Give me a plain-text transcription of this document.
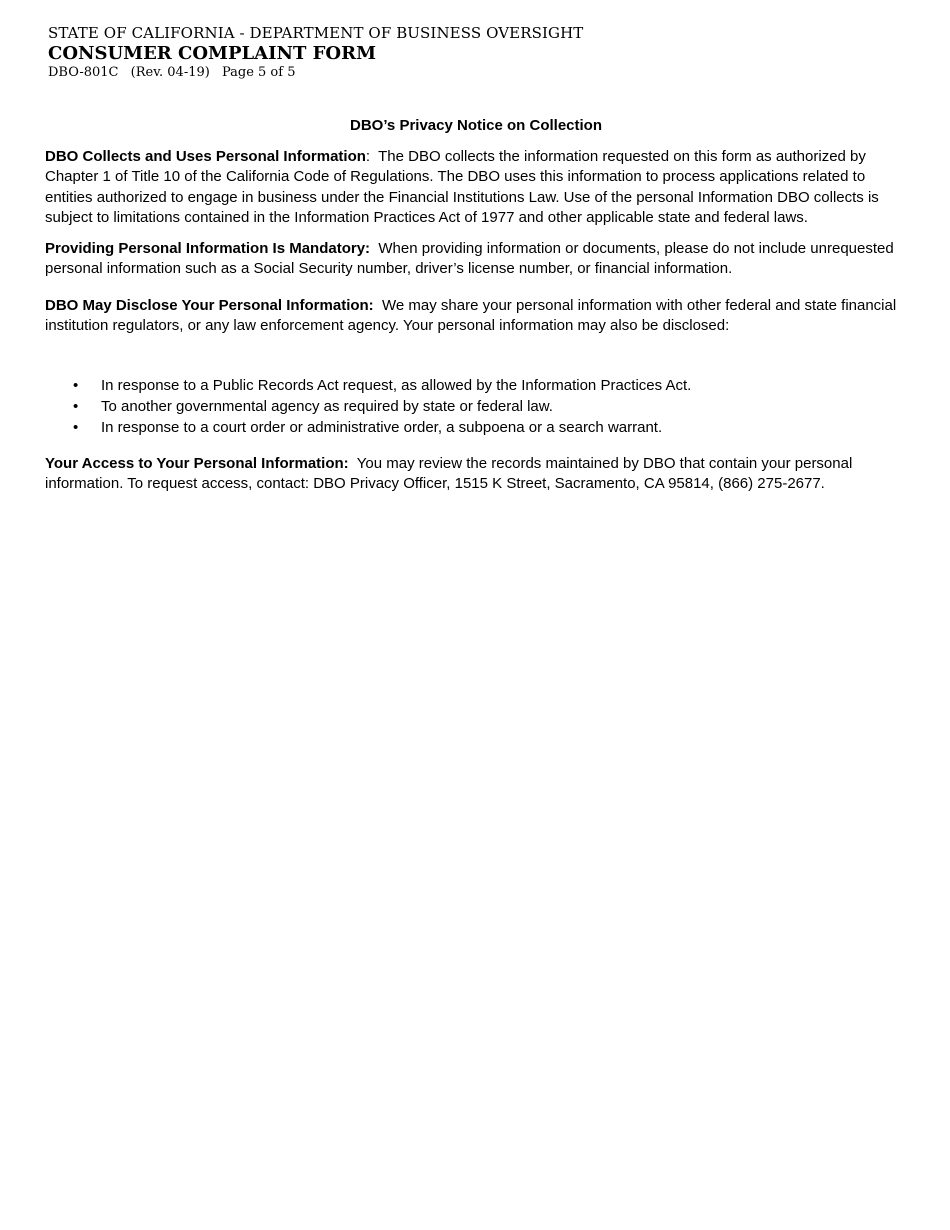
STATE OF CALIFORNIA - DEPARTMENT OF BUSINESS OVERSIGHT
CONSUMER COMPLAINT FORM
DBO-801C (Rev. 04-19) Page 5 of 5
DBO’s Privacy Notice on Collection

DBO Collects and Uses Personal Information:  The DBO collects the information requested on this form as authorized by Chapter 1 of Title 10 of the California Code of Regulations. The DBO uses this information to process applications related to entities authorized to engage in business under the Financial Institutions Law. Use of the personal Information DBO collects is subject to limitations contained in the Information Practices Act of 1977 and other applicable state and federal laws.

Providing Personal Information Is Mandatory: When providing information or documents, please do not include unrequested personal information such as a Social Security number, driver’s license number, or financial information.

DBO May Disclose Your Personal Information: We may share your personal information with other federal and state financial institution regulators, or any law enforcement agency. Your personal information may also be disclosed:

• In response to a Public Records Act request, as allowed by the Information Practices Act.
• To another governmental agency as required by state or federal law.
• In response to a court order or administrative order, a subpoena or a search warrant.

Your Access to Your Personal Information: You may review the records maintained by DBO that contain your personal information. To request access, contact: DBO Privacy Officer, 1515 K Street, Sacramento, CA 95814, (866) 275-2677.
